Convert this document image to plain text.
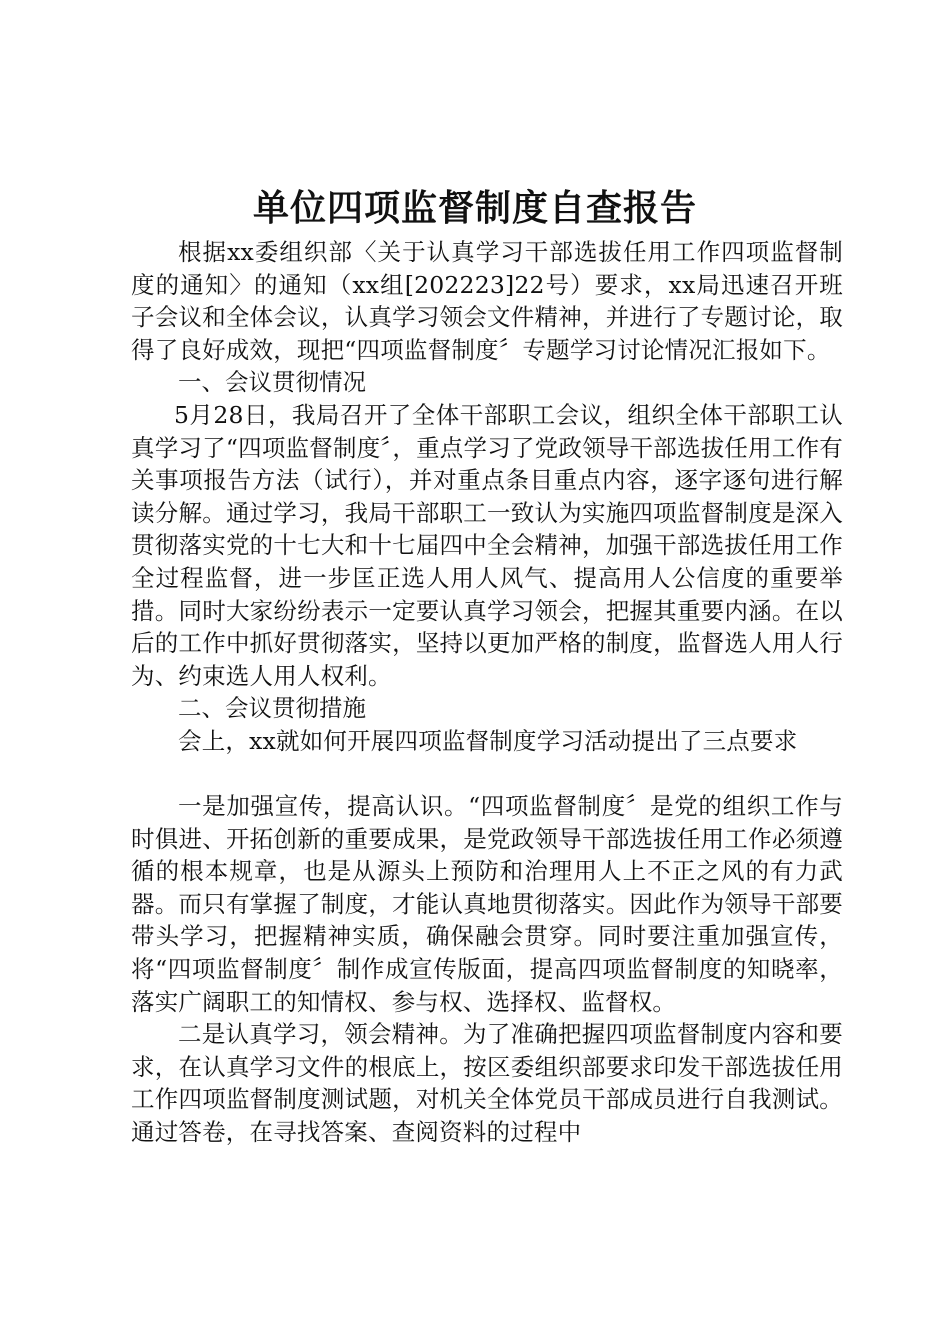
单位四项监督制度自查报告

根据xx委组织部〈关于认真学习干部选拔任用工作四项监督制度的通知〉的通知（xx组[202223]22号）要求，xx局迅速召开班子会议和全体会议，认真学习领会文件精神，并进行了专题讨论，取得了良好成效，现把“四项监督制度〞专题学习讨论情况汇报如下。

一、会议贯彻情况

5月28日，我局召开了全体干部职工会议，组织全体干部职工认真学习了“四项监督制度〞，重点学习了党政领导干部选拔任用工作有关事项报告方法（试行），并对重点条目重点内容，逐字逐句进行解读分解。通过学习，我局干部职工一致认为实施四项监督制度是深入贯彻落实党的十七大和十七届四中全会精神，加强干部选拔任用工作全过程监督，进一步匡正选人用人风气、提高用人公信度的重要举措。同时大家纷纷表示一定要认真学习领会，把握其重要内涵。在以后的工作中抓好贯彻落实，坚持以更加严格的制度，监督选人用人行为、约束选人用人权利。

二、会议贯彻措施

会上，xx就如何开展四项监督制度学习活动提出了三点要求

一是加强宣传，提高认识。“四项监督制度〞是党的组织工作与时俱进、开拓创新的重要成果，是党政领导干部选拔任用工作必须遵循的根本规章，也是从源头上预防和治理用人上不正之风的有力武器。而只有掌握了制度，才能认真地贯彻落实。因此作为领导干部要带头学习，把握精神实质，确保融会贯穿。同时要注重加强宣传，将“四项监督制度〞制作成宣传版面，提高四项监督制度的知晓率，落实广阔职工的知情权、参与权、选择权、监督权。

二是认真学习，领会精神。为了准确把握四项监督制度内容和要求，在认真学习文件的根底上，按区委组织部要求印发干部选拔任用工作四项监督制度测试题，对机关全体党员干部成员进行自我测试。通过答卷，在寻找答案、查阅资料的过程中
